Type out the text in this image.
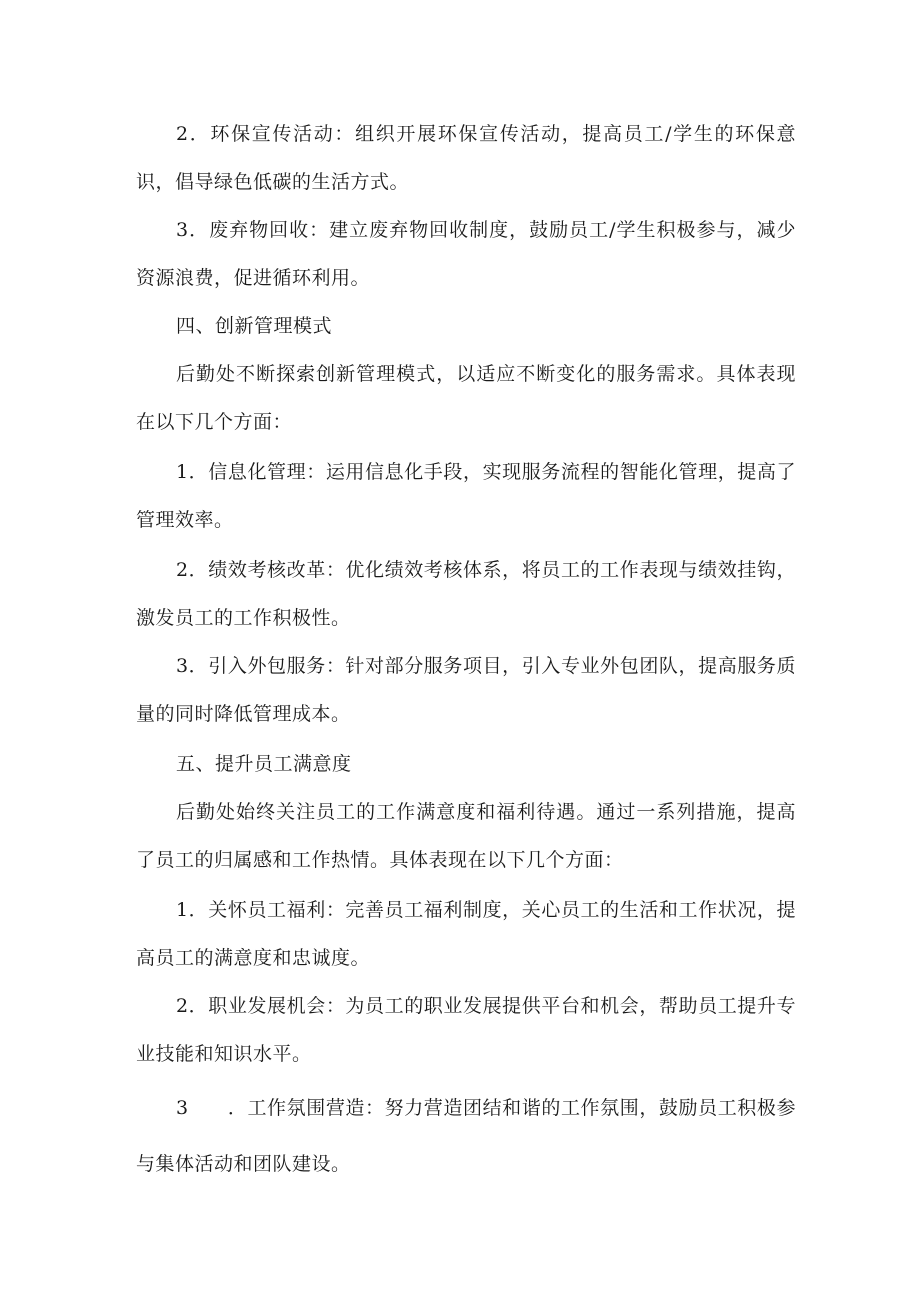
2．环保宣传活动：组织开展环保宣传活动，提高员工/学生的环保意识，倡导绿色低碳的生活方式。

3．废弃物回收：建立废弃物回收制度，鼓励员工/学生积极参与，减少资源浪费，促进循环利用。

四、创新管理模式

后勤处不断探索创新管理模式，以适应不断变化的服务需求。具体表现在以下几个方面：

1．信息化管理：运用信息化手段，实现服务流程的智能化管理，提高了管理效率。

2．绩效考核改革：优化绩效考核体系，将员工的工作表现与绩效挂钩，激发员工的工作积极性。

3．引入外包服务：针对部分服务项目，引入专业外包团队，提高服务质量的同时降低管理成本。

五、提升员工满意度

后勤处始终关注员工的工作满意度和福利待遇。通过一系列措施，提高了员工的归属感和工作热情。具体表现在以下几个方面：

1．关怀员工福利：完善员工福利制度，关心员工的生活和工作状况，提高员工的满意度和忠诚度。

2．职业发展机会：为员工的职业发展提供平台和机会，帮助员工提升专业技能和知识水平。

3　　．工作氛围营造：努力营造团结和谐的工作氛围，鼓励员工积极参与集体活动和团队建设。
